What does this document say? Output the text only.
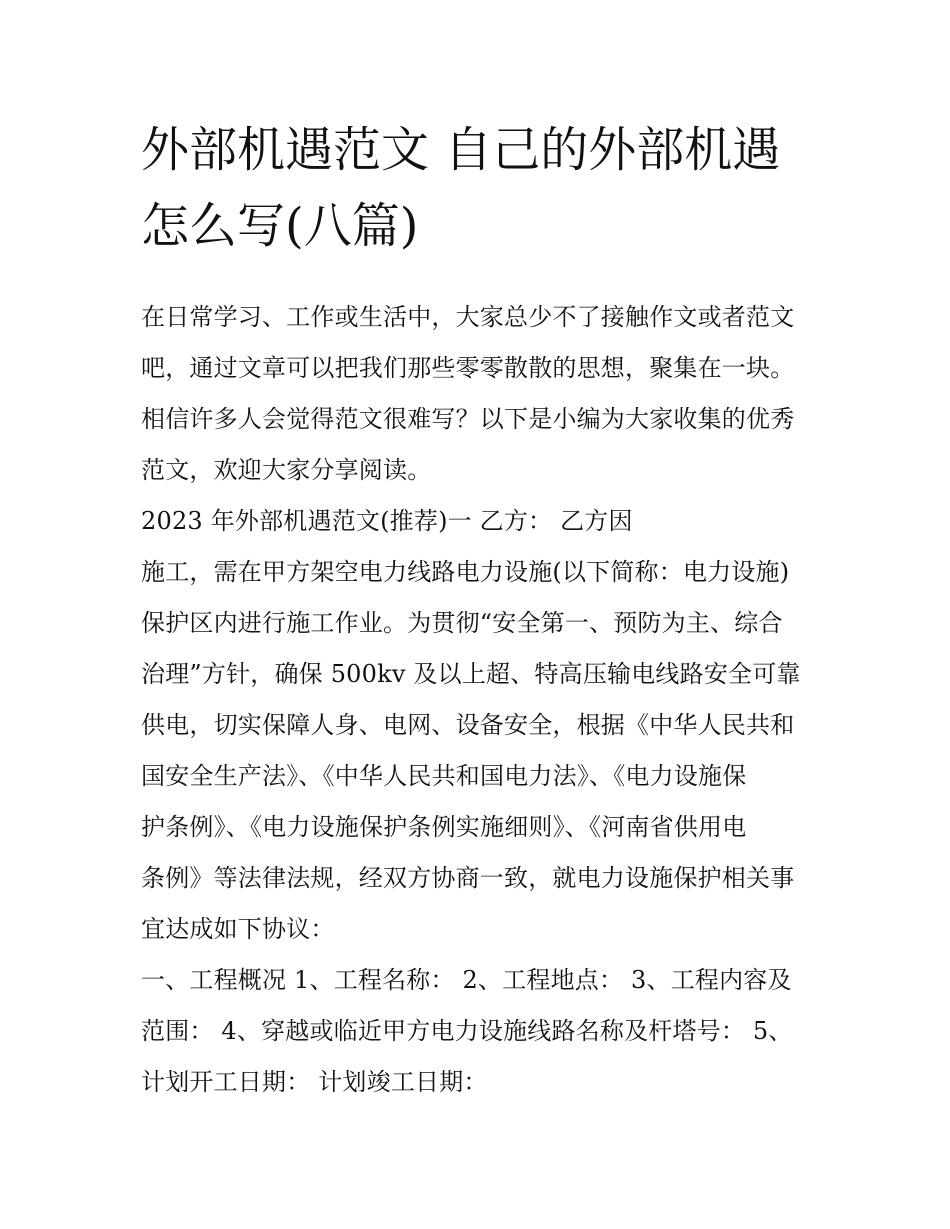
外部机遇范文 自己的外部机遇
怎么写(八篇)

在日常学习、工作或生活中，大家总少不了接触作文或者范文
吧，通过文章可以把我们那些零零散散的思想，聚集在一块。
相信许多人会觉得范文很难写？以下是小编为大家收集的优秀
范文，欢迎大家分享阅读。

2023 年外部机遇范文(推荐)一 乙方： 乙方因

施工，需在甲方架空电力线路电力设施(以下简称：电力设施)
保护区内进行施工作业。为贯彻“安全第一、预防为主、综合
治理”方针，确保 500kv 及以上超、特高压输电线路安全可靠
供电，切实保障人身、电网、设备安全，根据《中华人民共和
国安全生产法》、《中华人民共和国电力法》、《电力设施保
护条例》、《电力设施保护条例实施细则》、《河南省供用电
条例》等法律法规，经双方协商一致，就电力设施保护相关事
宜达成如下协议：

一、工程概况 1、工程名称： 2、工程地点： 3、工程内容及
范围： 4、穿越或临近甲方电力设施线路名称及杆塔号： 5、
计划开工日期： 计划竣工日期：
